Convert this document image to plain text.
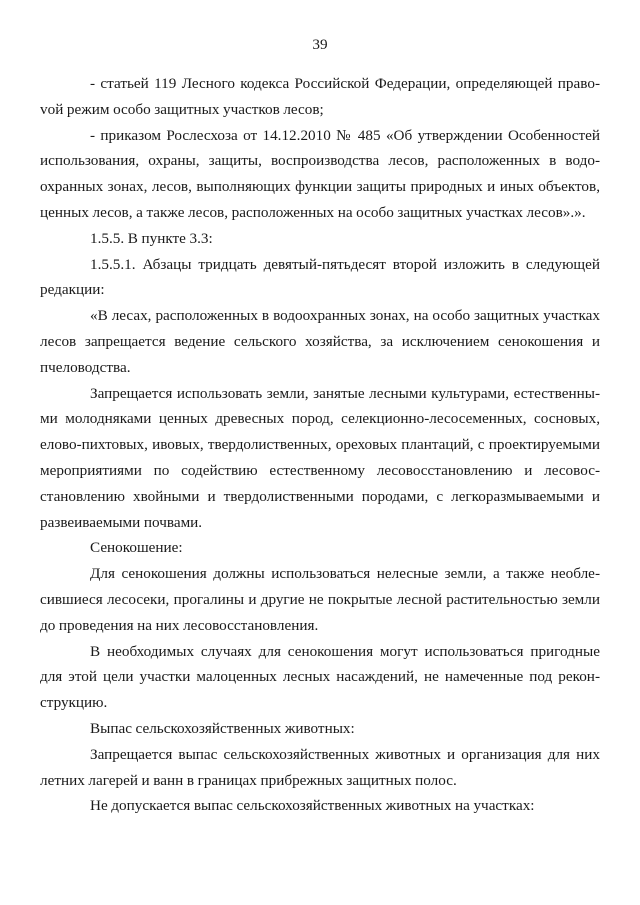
39

- статьей 119 Лесного кодекса Российской Федерации, определяющей правоvой режим особо защитных участков лесов;

- приказом Рослесхоза от 14.12.2010 № 485 «Об утверждении Особенностей использования, охраны, защиты, воспроизводства лесов, расположенных в водоохранных зонах, лесов, выполняющих функции защиты природных и иных объектов, ценных лесов, а также лесов, расположенных на особо защитных участках лесов».».

1.5.5. В пункте 3.3:

1.5.5.1. Абзацы тридцать девятый-пятьдесят второй изложить в следующей редакции:

«В лесах, расположенных в водоохранных зонах, на особо защитных участках лесов запрещается ведение сельского хозяйства, за исключением сенокошения и пчеловодства.

Запрещается использовать земли, занятые лесными культурами, естественными молодняками ценных древесных пород, селекционно-лесосеменных, сосновых, елово-пихтовых, ивовых, твердолиственных, ореховых плантаций, с проектируемыми мероприятиями по содействию естественному лесовосстановлению и лесовосстановлению хвойными и твердолиственными породами, с легкоразмываемыми и развеиваемыми почвами.

Сенокошение:

Для сенокошения должны использоваться нелесные земли, а также необлесившиеся лесосеки, прогалины и другие не покрытые лесной растительностью земли до проведения на них лесовосстановления.

В необходимых случаях для сенокошения могут использоваться пригодные для этой цели участки малоценных лесных насаждений, не намеченные под реконструкцию.

Выпас сельскохозяйственных животных:

Запрещается выпас сельскохозяйственных животных и организация для них летних лагерей и ванн в границах прибрежных защитных полос.

Не допускается выпас сельскохозяйственных животных на участках:
